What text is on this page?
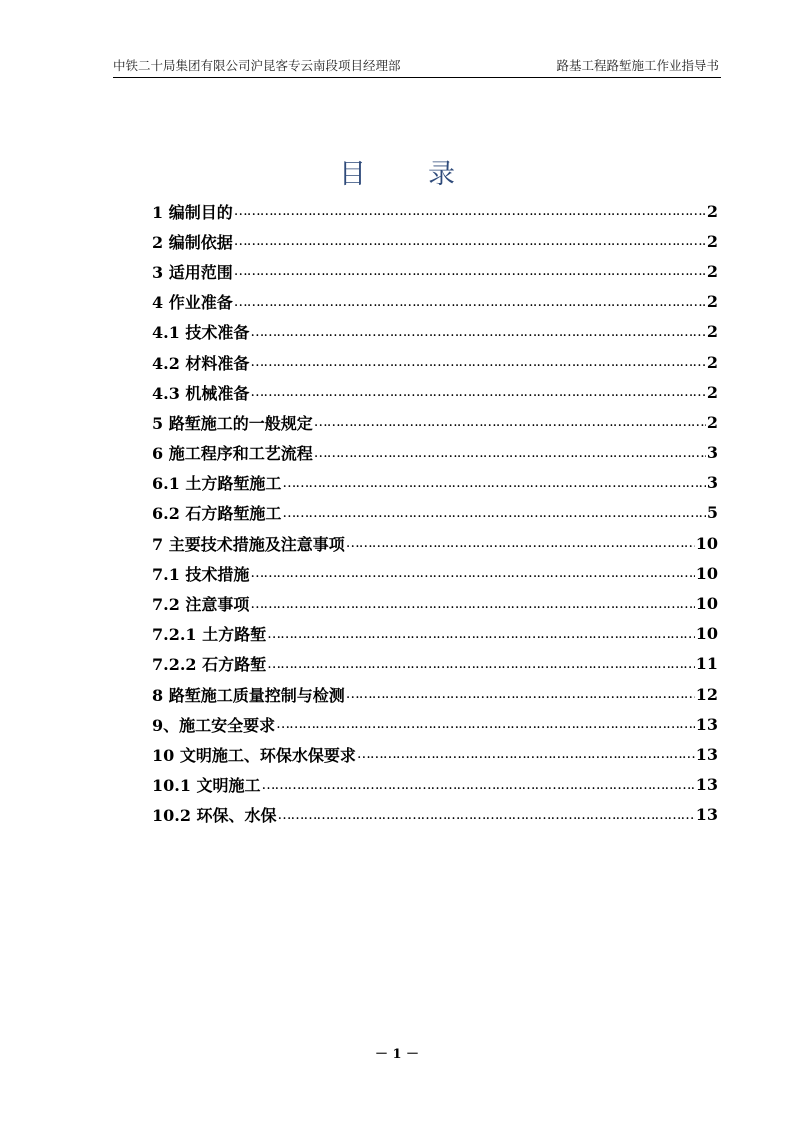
中铁二十局集团有限公司沪昆客专云南段项目经理部	路基工程路堑施工作业指导书
目 录
1 编制目的 …………………………………………………………………………………………………………………………………………………………………………………………………	2
2 编制依据 …………………………………………………………………………………………………………………………………………………………………………………………………	2
3 适用范围 …………………………………………………………………………………………………………………………………………………………………………………………………	2
4 作业准备 …………………………………………………………………………………………………………………………………………………………………………………………………	2
4.1 技术准备 …………………………………………………………………………………………………………………………………………………………………………………………………	2
4.2 材料准备 …………………………………………………………………………………………………………………………………………………………………………………………………	2
4.3 机械准备 …………………………………………………………………………………………………………………………………………………………………………………………………	2
5 路堑施工的一般规定 …………………………………………………………………………………………………………………………………………………………………………………………………	2
6 施工程序和工艺流程 …………………………………………………………………………………………………………………………………………………………………………………………………	3
6.1 土方路堑施工 …………………………………………………………………………………………………………………………………………………………………………………………………	3
6.2 石方路堑施工 …………………………………………………………………………………………………………………………………………………………………………………………………	5
7 主要技术措施及注意事项 …………………………………………………………………………………………………………………………………………………………………………………………………	10
7.1 技术措施 …………………………………………………………………………………………………………………………………………………………………………………………………	10
7.2 注意事项 …………………………………………………………………………………………………………………………………………………………………………………………………	10
7.2.1 土方路堑 …………………………………………………………………………………………………………………………………………………………………………………………………	10
7.2.2 石方路堑 …………………………………………………………………………………………………………………………………………………………………………………………………	11
8 路堑施工质量控制与检测 …………………………………………………………………………………………………………………………………………………………………………………………………	12
9、施工安全要求 …………………………………………………………………………………………………………………………………………………………………………………………………	13
10 文明施工、环保水保要求 …………………………………………………………………………………………………………………………………………………………………………………………………	13
10.1 文明施工 …………………………………………………………………………………………………………………………………………………………………………………………………	13
10.2 环保、水保 …………………………………………………………………………………………………………………………………………………………………………………………………	13
－ 1 －
